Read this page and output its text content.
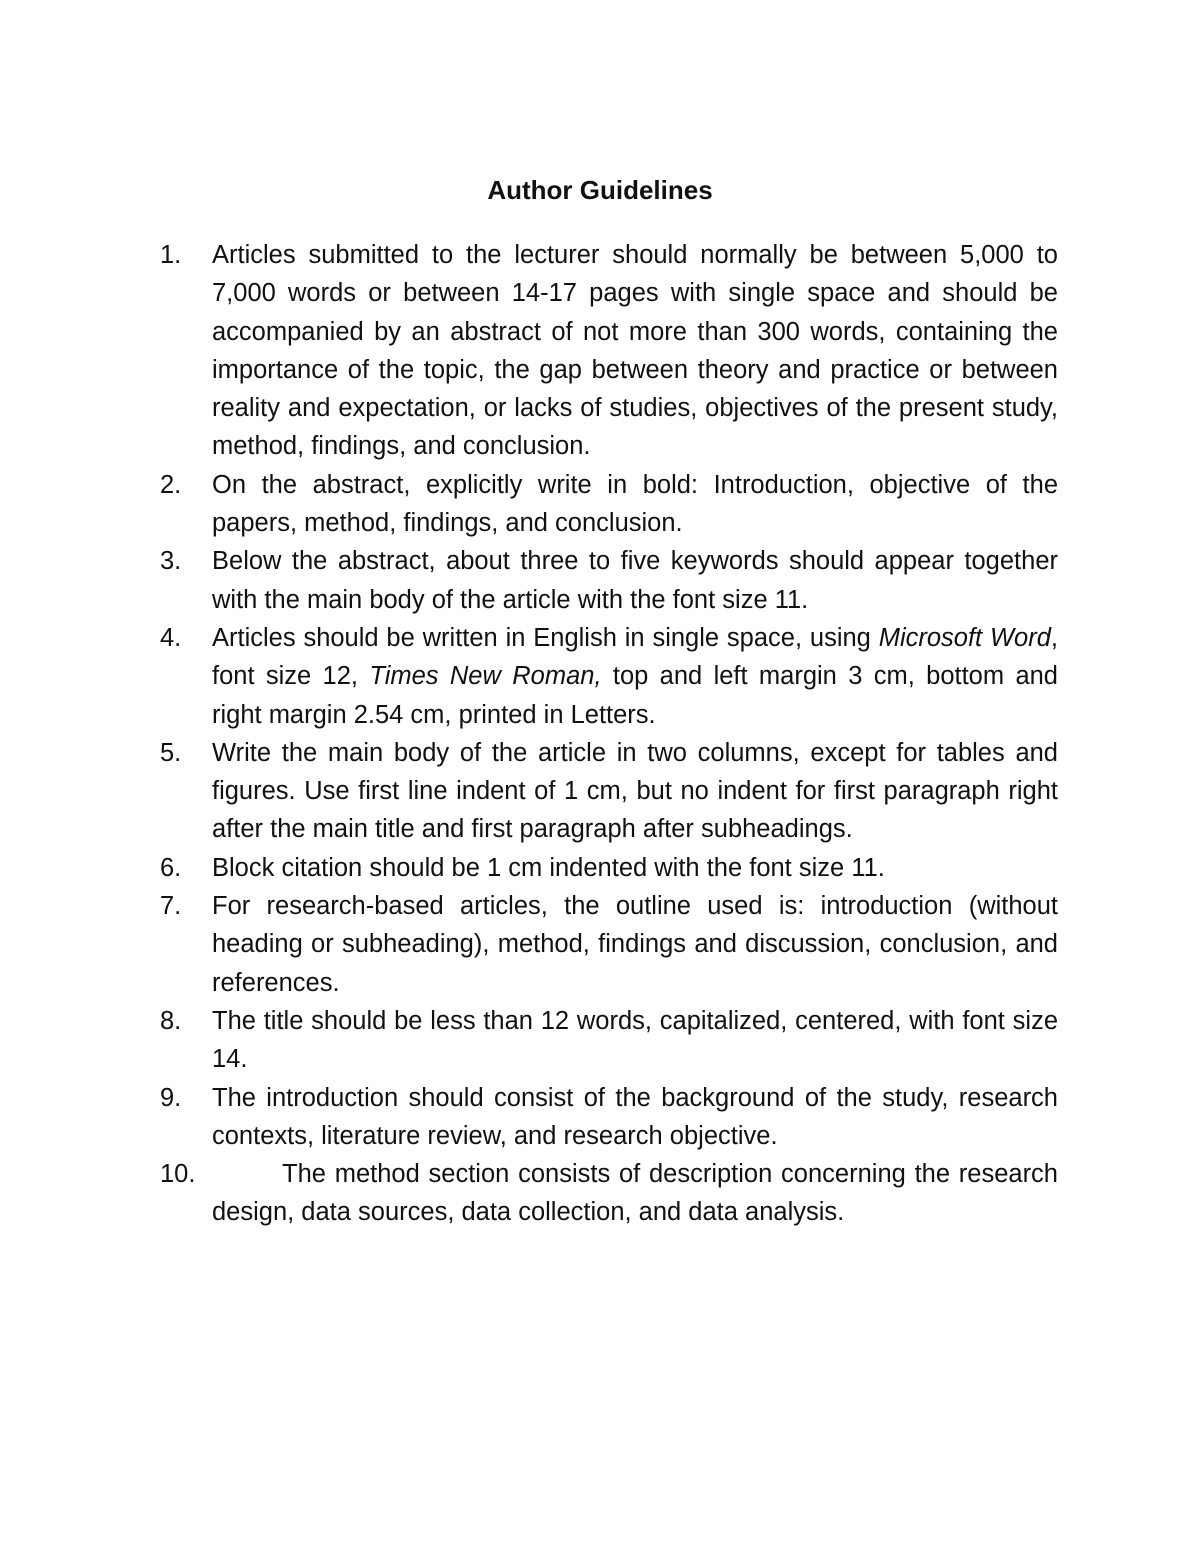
Author Guidelines
1. Articles submitted to the lecturer should normally be between 5,000 to 7,000 words or between 14-17 pages with single space and should be accompanied by an abstract of not more than 300 words, containing the importance of the topic, the gap between theory and practice or between reality and expectation, or lacks of studies, objectives of the present study, method, findings, and conclusion.
2. On the abstract, explicitly write in bold: Introduction, objective of the papers, method, findings, and conclusion.
3. Below the abstract, about three to five keywords should appear together with the main body of the article with the font size 11.
4. Articles should be written in English in single space, using Microsoft Word, font size 12, Times New Roman, top and left margin 3 cm, bottom and right margin 2.54 cm, printed in Letters.
5. Write the main body of the article in two columns, except for tables and figures. Use first line indent of 1 cm, but no indent for first paragraph right after the main title and first paragraph after subheadings.
6. Block citation should be 1 cm indented with the font size 11.
7. For research-based articles, the outline used is: introduction (without heading or subheading), method, findings and discussion, conclusion, and references.
8. The title should be less than 12 words, capitalized, centered, with font size 14.
9. The introduction should consist of the background of the study, research contexts, literature review, and research objective.
10.	The method section consists of description concerning the research design, data sources, data collection, and data analysis.
